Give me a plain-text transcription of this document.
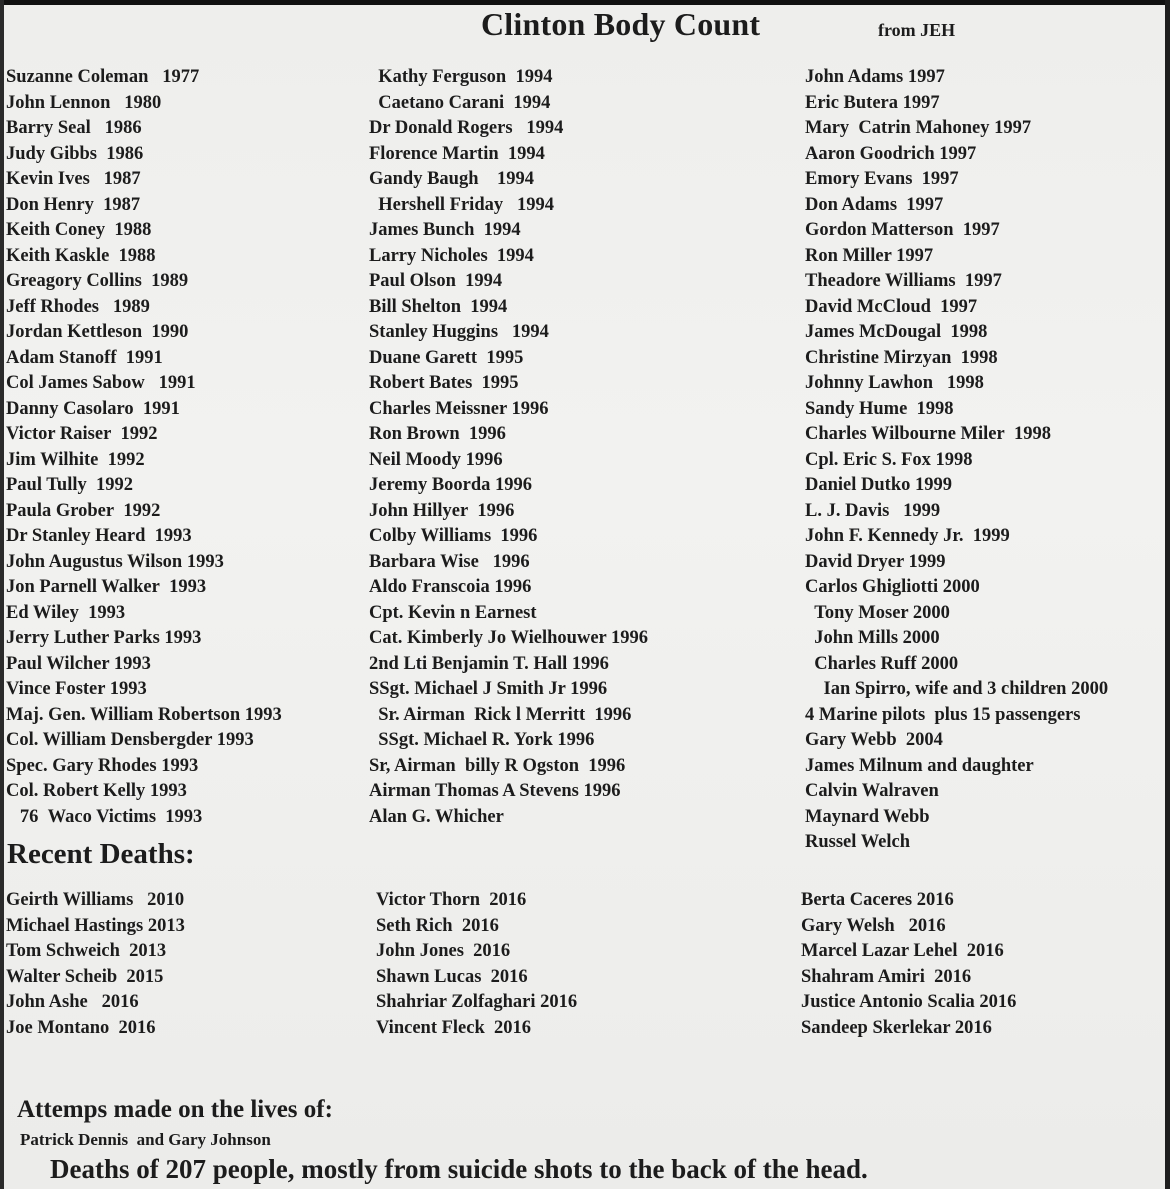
Clinton Body Count	from JEH
Suzanne Coleman   1977
John Lennon   1980
Barry Seal   1986
Judy Gibbs  1986
Kevin Ives   1987
Don Henry  1987
Keith Coney  1988
Keith Kaskle  1988
Greagory Collins  1989
Jeff Rhodes   1989
Jordan Kettleson  1990
Adam Stanoff  1991
Col James Sabow   1991
Danny Casolaro  1991
Victor Raiser  1992
Jim Wilhite  1992
Paul Tully  1992
Paula Grober  1992
Dr Stanley Heard  1993
John Augustus Wilson 1993
Jon Parnell Walker  1993
Ed Wiley  1993
Jerry Luther Parks 1993
Paul Wilcher 1993
Vince Foster 1993
Maj. Gen. William Robertson 1993
Col. William Densbergder 1993
Spec. Gary Rhodes 1993
Col. Robert Kelly 1993
76  Waco Victims  1993
Kathy Ferguson  1994
Caetano Carani  1994
Dr Donald Rogers   1994
Florence Martin  1994
Gandy Baugh    1994
Hershell Friday   1994
James Bunch  1994
Larry Nicholes  1994
Paul Olson  1994
Bill Shelton  1994
Stanley Huggins   1994
Duane Garett  1995
Robert Bates  1995
Charles Meissner 1996
Ron Brown  1996
Neil Moody 1996
Jeremy Boorda 1996
John Hillyer  1996
Colby Williams  1996
Barbara Wise   1996
Aldo Franscoia 1996
Cpt. Kevin n Earnest
Cat. Kimberly Jo Wielhouwer 1996
2nd Lti Benjamin T. Hall 1996
SSgt. Michael J Smith Jr 1996
Sr. Airman  Rick l Merritt  1996
SSgt. Michael R. York 1996
Sr, Airman  billy R Ogston  1996
Airman Thomas A Stevens 1996
Alan G. Whicher
John Adams 1997
Eric Butera 1997
Mary  Catrin Mahoney 1997
Aaron Goodrich 1997
Emory Evans  1997
Don Adams  1997
Gordon Matterson  1997
Ron Miller 1997
Theadore Williams  1997
David McCloud  1997
James McDougal  1998
Christine Mirzyan  1998
Johnny Lawhon   1998
Sandy Hume  1998
Charles Wilbourne Miler  1998
Cpl. Eric S. Fox 1998
Daniel Dutko 1999
L. J. Davis   1999
John F. Kennedy Jr.  1999
David Dryer 1999
Carlos Ghigliotti 2000
Tony Moser 2000
John Mills 2000
Charles Ruff 2000
Ian Spirro, wife and 3 children 2000
4 Marine pilots  plus 15 passengers
Gary Webb  2004
James Milnum and daughter
Calvin Walraven
Maynard Webb
Russel Welch
Recent Deaths:
Geirth Williams   2010
Michael Hastings 2013
Tom Schweich  2013
Walter Scheib  2015
John Ashe   2016
Joe Montano  2016
Victor Thorn  2016
Seth Rich  2016
John Jones  2016
Shawn Lucas  2016
Shahriar Zolfaghari 2016
Vincent Fleck  2016
Berta Caceres 2016
Gary Welsh   2016
Marcel Lazar Lehel  2016
Shahram Amiri  2016
Justice Antonio Scalia 2016
Sandeep Skerlekar 2016
Attemps made on the lives of:
Patrick Dennis  and Gary Johnson
Deaths of 207 people, mostly from suicide shots to the back of the head.
